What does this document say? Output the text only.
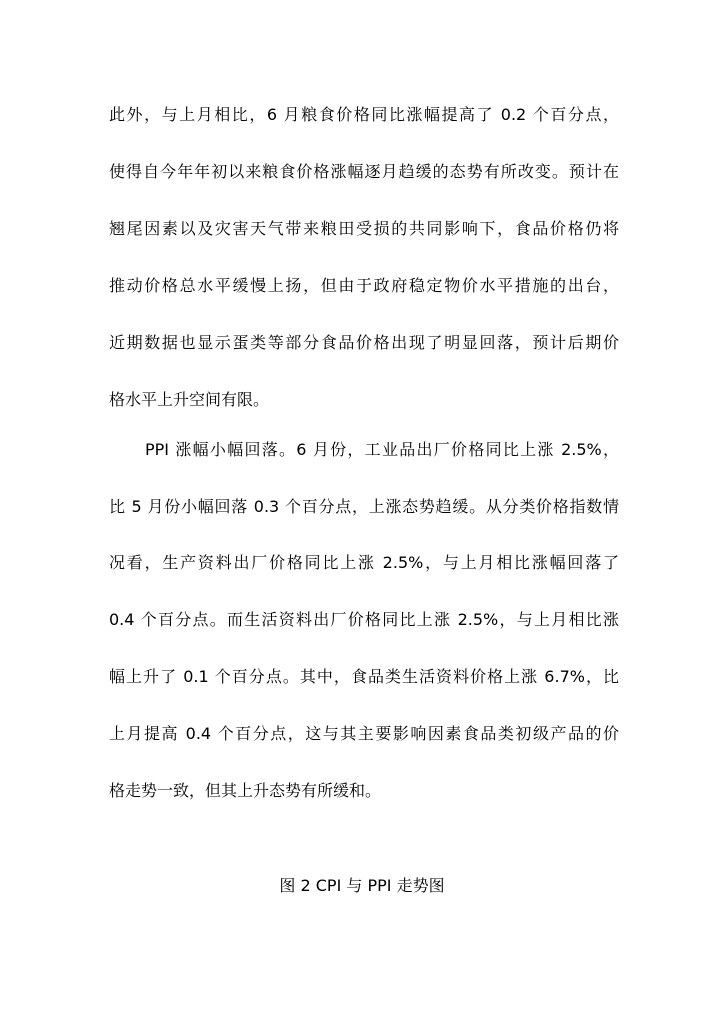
此外，与上月相比，6 月粮食价格同比涨幅提高了 0.2 个百分点，
使得自今年年初以来粮食价格涨幅逐月趋缓的态势有所改变。预计在
翘尾因素以及灾害天气带来粮田受损的共同影响下，食品价格仍将
推动价格总水平缓慢上扬，但由于政府稳定物价水平措施的出台，
近期数据也显示蛋类等部分食品价格出现了明显回落，预计后期价
格水平上升空间有限。
PPI 涨幅小幅回落。6 月份，工业品出厂价格同比上涨 2.5%，
比 5 月份小幅回落 0.3 个百分点，上涨态势趋缓。从分类价格指数情
况看，生产资料出厂价格同比上涨 2.5%，与上月相比涨幅回落了
0.4 个百分点。而生活资料出厂价格同比上涨 2.5%，与上月相比涨
幅上升了 0.1 个百分点。其中，食品类生活资料价格上涨 6.7%，比
上月提高 0.4 个百分点，这与其主要影响因素食品类初级产品的价
格走势一致，但其上升态势有所缓和。
图 2 CPI 与 PPI 走势图
